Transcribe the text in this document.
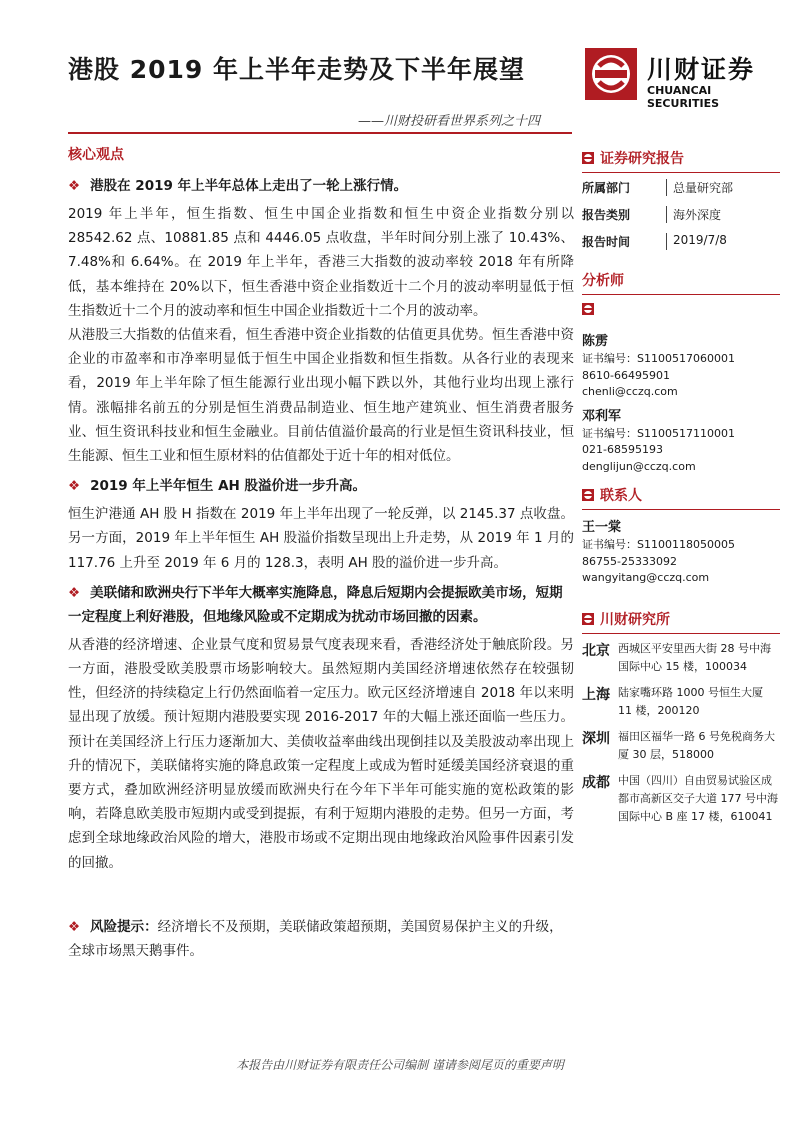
港股 2019 年上半年走势及下半年展望
——川财投研看世界系列之十四
川财证券
CHUANCAI SECURITIES
核心观点
❖ 港股在 2019 年上半年总体上走出了一轮上涨行情。

2019 年上半年，恒生指数、恒生中国企业指数和恒生中资企业指数分别以 28542.62 点、10881.85 点和 4446.05 点收盘，半年时间分别上涨了 10.43%、7.48%和 6.64%。在 2019 年上半年，香港三大指数的波动率较 2018 年有所降低，基本维持在 20%以下，恒生香港中资企业指数近十二个月的波动率明显低于恒生指数近十二个月的波动率和恒生中国企业指数近十二个月的波动率。

从港股三大指数的估值来看，恒生香港中资企业指数的估值更具优势。恒生香港中资企业的市盈率和市净率明显低于恒生中国企业指数和恒生指数。从各行业的表现来看，2019 年上半年除了恒生能源行业出现小幅下跌以外，其他行业均出现上涨行情。涨幅排名前五的分别是恒生消费品制造业、恒生地产建筑业、恒生消费者服务业、恒生资讯科技业和恒生金融业。目前估值溢价最高的行业是恒生资讯科技业，恒生能源、恒生工业和恒生原材料的估值都处于近十年的相对低位。

❖ 2019 年上半年恒生 AH 股溢价进一步升高。

恒生沪港通 AH 股 H 指数在 2019 年上半年出现了一轮反弹，以 2145.37 点收盘。另一方面，2019 年上半年恒生 AH 股溢价指数呈现出上升走势，从 2019 年 1 月的 117.76 上升至 2019 年 6 月的 128.3，表明 AH 股的溢价进一步升高。

❖ 美联储和欧洲央行下半年大概率实施降息，降息后短期内会提振欧美市场，短期一定程度上利好港股，但地缘风险或不定期成为扰动市场回撤的因素。

从香港的经济增速、企业景气度和贸易景气度表现来看，香港经济处于触底阶段。另一方面，港股受欧美股票市场影响较大。虽然短期内美国经济增速依然存在较强韧性，但经济的持续稳定上行仍然面临着一定压力。欧元区经济增速自 2018 年以来明显出现了放缓。预计短期内港股要实现 2016-2017 年的大幅上涨还面临一些压力。预计在美国经济上行压力逐渐加大、美债收益率曲线出现倒挂以及美股波动率出现上升的情况下，美联储将实施的降息政策一定程度上或成为暂时延缓美国经济衰退的重要方式，叠加欧洲经济明显放缓而欧洲央行在今年下半年可能实施的宽松政策的影响，若降息欧美股市短期内或受到提振，有利于短期内港股的走势。但另一方面，考虑到全球地缘政治风险的增大，港股市场或不定期出现由地缘政治风险事件因素引发的回撤。

❖ 风险提示：经济增长不及预期，美联储政策超预期，美国贸易保护主义的升级，全球市场黑天鹅事件。
证券研究报告
所属部门	总量研究部
报告类别	海外深度
报告时间	2019/7/8
分析师
陈雳
证书编号：S1100517060001
8610-66495901
chenli@cczq.com
邓利军
证书编号：S1100517110001
021-68595193
denglijun@cczq.com
联系人
王一棠
证书编号：S1100118050005
86755-25333092
wangyitang@cczq.com
川财研究所
北京 西城区平安里西大街 28 号中海国际中心 15 楼，100034
上海 陆家嘴环路 1000 号恒生大厦 11 楼，200120
深圳 福田区福华一路 6 号免税商务大厦 30 层，518000
成都 中国（四川）自由贸易试验区成都市高新区交子大道 177 号中海国际中心 B 座 17 楼，610041
本报告由川财证券有限责任公司编制 谨请参阅尾页的重要声明
